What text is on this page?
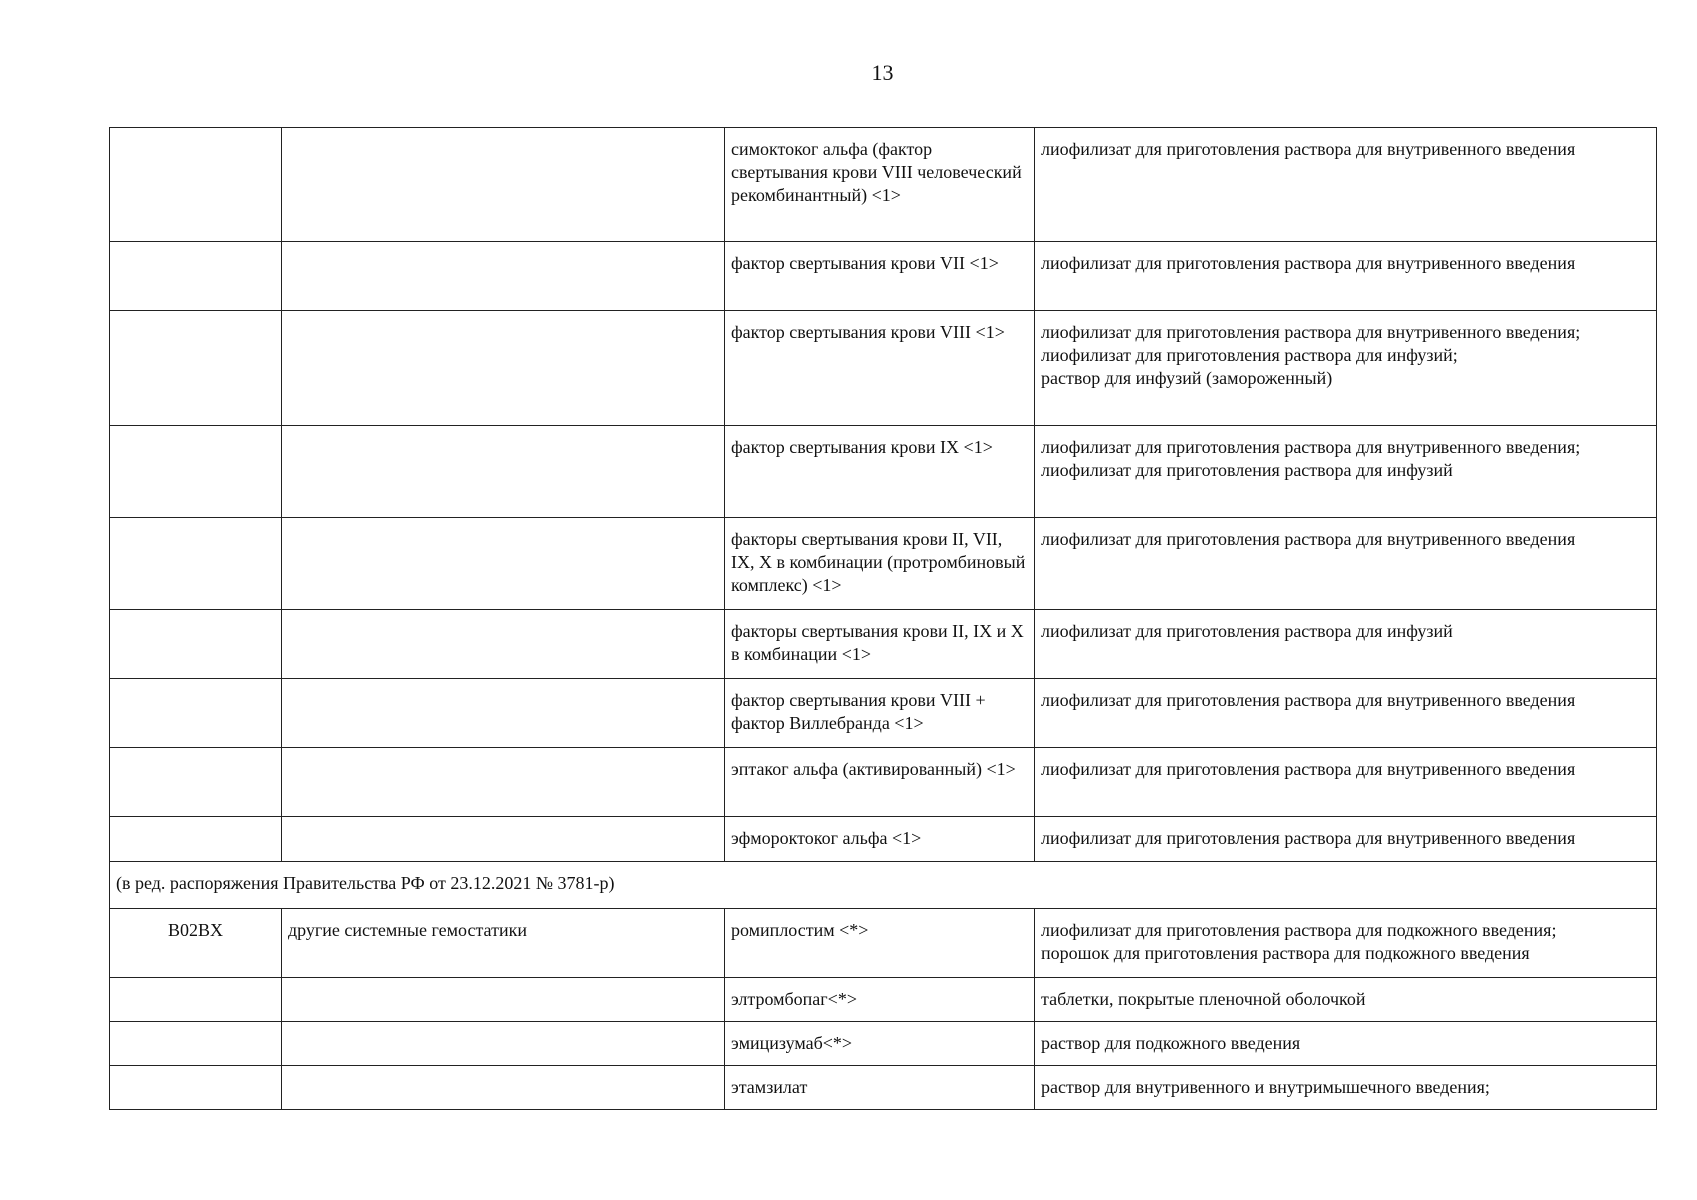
13
		симоктоког альфа (фактор свертывания крови VIII человеческий рекомбинантный) <1>	лиофилизат для приготовления раствора для внутривенного введения

		фактор свертывания крови VII <1>	лиофилизат для приготовления раствора для внутривенного введения

		фактор свертывания крови VIII <1>	лиофилизат для приготовления раствора для внутривенного введения;
лиофилизат для приготовления раствора для инфузий;
раствор для инфузий (замороженный)

		фактор свертывания крови IX <1>	лиофилизат для приготовления раствора для внутривенного введения;
лиофилизат для приготовления раствора для инфузий

		факторы свертывания крови II, VII, IX, X в комбинации (протромбиновый комплекс) <1>	лиофилизат для приготовления раствора для внутривенного введения

		факторы свертывания крови II, IX и X в комбинации <1>	лиофилизат для приготовления раствора для инфузий

		фактор свертывания крови VIII + фактор Виллебранда <1>	лиофилизат для приготовления раствора для внутривенного введения

		эптаког альфа (активированный) <1>	лиофилизат для приготовления раствора для внутривенного введения

		эфмороктоког альфа <1>	лиофилизат для приготовления раствора для внутривенного введения

(в ред. распоряжения Правительства РФ от 23.12.2021 № 3781-р)			
B02BX	другие системные гемостатики	ромиплостим <*>	лиофилизат для приготовления раствора для подкожного введения;
порошок для приготовления раствора для подкожного введения

		элтромбопаг<*>	таблетки, покрытые пленочной оболочкой

		эмицизумаб<*>	раствор для подкожного введения

		этамзилат	раствор для внутривенного и внутримышечного введения;
